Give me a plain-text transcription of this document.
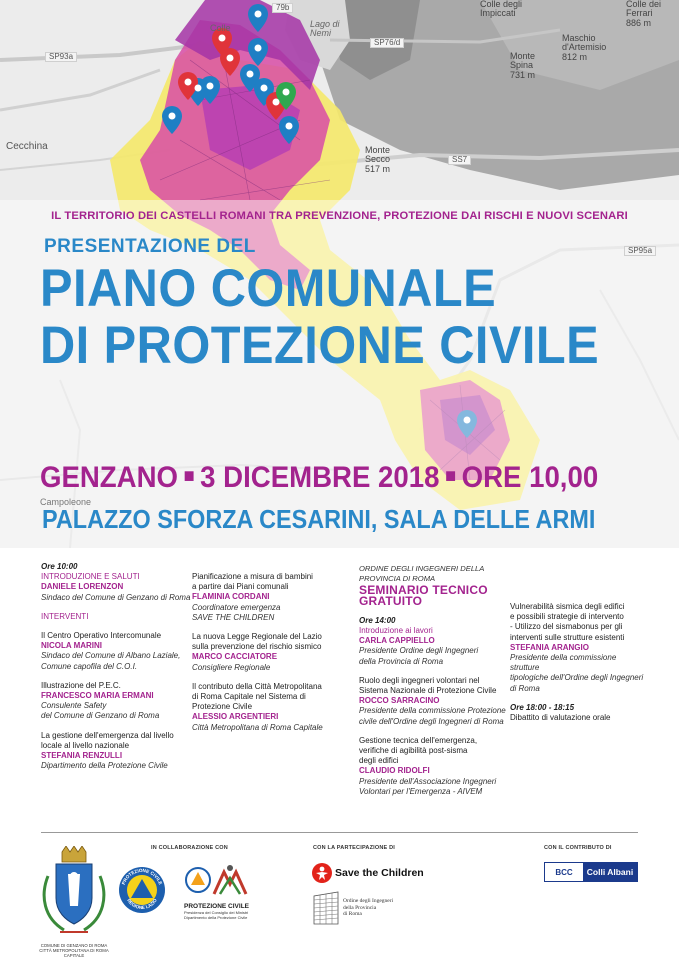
Cecchina
SP93a
SP76/d
SS7
SP95a
Lago di
Nemi
Monte
Secco
517 m
Monte
Spina
731 m
Maschio
d'Artemisio
812 m
Colle degli
Impiccati
Colle dei
Ferrari
886 m
79b
Colle
Campoleone
IL TERRITORIO DEI CASTELLI ROMANI TRA PREVENZIONE, PROTEZIONE DAI RISCHI E NUOVI SCENARI
PRESENTAZIONE DEL
PIANO COMUNALE
DI PROTEZIONE CIVILE
GENZANO ■ 3 DICEMBRE 2018 ■ ORE 10,00
PALAZZO SFORZA CESARINI, SALA DELLE ARMI
Ore 10:00
INTRODUZIONE E SALUTI
DANIELE LORENZON
Sindaco del Comune di Genzano di Roma
INTERVENTI
Il Centro Operativo Intercomunale
NICOLA MARINI
Sindaco del Comune di Albano Laziale,
Comune capofila del C.O.I.
Illustrazione del P.E.C.
FRANCESCO MARIA ERMANI
Consulente Safety
del Comune di Genzano di Roma
La gestione dell'emergenza dal livello
locale al livello nazionale
STEFANIA RENZULLI
Dipartimento della Protezione Civile
Pianificazione a misura di bambini
a partire dai Piani comunali
FLAMINIA CORDANI
Coordinatore emergenza
SAVE THE CHILDREN
La nuova Legge Regionale del Lazio
sulla prevenzione del rischio sismico
MARCO CACCIATORE
Consigliere Regionale
Il contributo della Città Metropolitana
di Roma Capitale nel Sistema di
Protezione Civile
ALESSIO ARGENTIERI
Città Metropolitana di Roma Capitale
ORDINE DEGLI INGEGNERI DELLA PROVINCIA DI ROMA
SEMINARIO TECNICO GRATUITO
Ore 14:00
Introduzione ai lavori
CARLA CAPPIELLO
Presidente Ordine degli Ingegneri
della Provincia di Roma
Ruolo degli ingegneri volontari nel
Sistema Nazionale di Protezione Civile
ROCCO SARRACINO
Presidente della commissione Protezione
civile dell'Ordine degli Ingegneri di Roma
Gestione tecnica dell'emergenza,
verifiche di agibilità post-sisma
degli edifici
CLAUDIO RIDOLFI
Presidente dell'Associazione Ingegneri
Volontari per l'Emergenza - AIVEM
Vulnerabilità sismica degli edifici
e possibili strategie di intervento
- Utilizzo del sismabonus per gli
interventi sulle strutture esistenti
STEFANIA ARANGIO
Presidente della commissione strutture
tipologiche dell'Ordine degli Ingegneri
di Roma
Ore 18:00 - 18:15
Dibattito di valutazione orale
IN COLLABORAZIONE CON	CON LA PARTECIPAZIONE DI	CON IL CONTRIBUTO DI
COMUNE DI GENZANO DI ROMA
CITTÀ METROPOLITANA DI ROMA CAPITALE
PROTEZIONE CIVILE
REGIONE LAZIO
PROTEZIONE CIVILE
Presidenza del Consiglio dei Ministri
Dipartimento della Protezione Civile
Save the Children
Ordine degli Ingegneri
della Provincia
di Roma
BCC	Colli Albani
